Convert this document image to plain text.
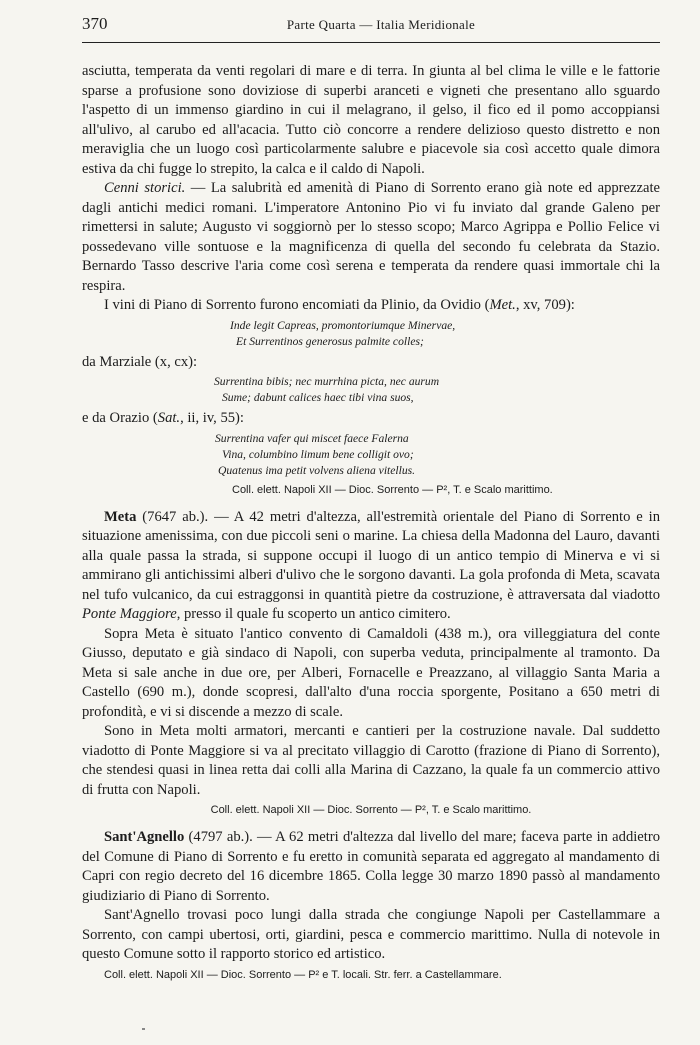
370	Parte Quarta — Italia Meridionale

asciutta, temperata da venti regolari di mare e di terra. In giunta al bel clima le ville e le fattorie sparse a profusione sono doviziose di superbi aranceti e vigneti che presentano allo sguardo l'aspetto di un immenso giardino in cui il melagrano, il gelso, il fico ed il pomo accoppiansi all'ulivo, al carubo ed all'acacia. Tutto ciò concorre a rendere delizioso questo distretto e non meraviglia che un luogo così particolarmente salubre e piacevole sia così accetto quale dimora estiva da chi fugge lo strepito, la calca e il caldo di Napoli.

Cenni storici. — La salubrità ed amenità di Piano di Sorrento erano già note ed apprezzate dagli antichi medici romani. L'imperatore Antonino Pio vi fu inviato dal grande Galeno per rimettersi in salute; Augusto vi soggiornò per lo stesso scopo; Marco Agrippa e Pollio Felice vi possedevano ville sontuose e la magnificenza di quella del secondo fu celebrata da Stazio. Bernardo Tasso descrive l'aria come così serena e temperata da rendere quasi immortale chi la respira.

I vini di Piano di Sorrento furono encomiati da Plinio, da Ovidio (Met., xv, 709):

Inde legit Capreas, promontoriumque Minervae,
Et Surrentinos generosus palmite colles;

da Marziale (x, cx):

Surrentina bibis; nec murrhina picta, nec aurum
Sume; dabunt calices haec tibi vina suos,

e da Orazio (Sat., ii, iv, 55):

Surrentina vafer qui miscet faece Falerna
Vina, columbino limum bene colligit ovo;
Quatenus ima petit volvens aliena vitellus.
Coll. elett. Napoli XII — Dioc. Sorrento — P², T. e Scalo marittimo.

Meta (7647 ab.). — A 42 metri d'altezza, all'estremità orientale del Piano di Sorrento e in situazione amenissima, con due piccoli seni o marine. La chiesa della Madonna del Lauro, davanti alla quale passa la strada, si suppone occupi il luogo di un antico tempio di Minerva e vi si ammirano gli antichissimi alberi d'ulivo che le sorgono davanti. La gola profonda di Meta, scavata nel tufo vulcanico, da cui estraggonsi in quantità pietre da costruzione, è attraversata dal viadotto Ponte Maggiore, presso il quale fu scoperto un antico cimitero.

Sopra Meta è situato l'antico convento di Camaldoli (438 m.), ora villeggiatura del conte Giusso, deputato e già sindaco di Napoli, con superba veduta, principalmente al tramonto. Da Meta si sale anche in due ore, per Alberi, Fornacelle e Preazzano, al villaggio Santa Maria a Castello (690 m.), donde scopresi, dall'alto d'una roccia sporgente, Positano a 650 metri di profondità, e vi si discende a mezzo di scale.

Sono in Meta molti armatori, mercanti e cantieri per la costruzione navale. Dal suddetto viadotto di Ponte Maggiore si va al precitato villaggio di Carotto (frazione di Piano di Sorrento), che stendesi quasi in linea retta dai colli alla Marina di Cazzano, la quale fa un commercio attivo di frutta con Napoli.

Coll. elett. Napoli XII — Dioc. Sorrento — P², T. e Scalo marittimo.

Sant'Agnello (4797 ab.). — A 62 metri d'altezza dal livello del mare; faceva parte in addietro del Comune di Piano di Sorrento e fu eretto in comunità separata ed aggregato al mandamento di Capri con regio decreto del 16 dicembre 1865. Colla legge 30 marzo 1890 passò al mandamento giudiziario di Piano di Sorrento.

Sant'Agnello trovasi poco lungi dalla strada che congiunge Napoli per Castellammare a Sorrento, con campi ubertosi, orti, giardini, pesca e commercio marittimo. Nulla di notevole in questo Comune sotto il rapporto storico ed artistico.

Coll. elett. Napoli XII — Dioc. Sorrento — P² e T. locali. Str. ferr. a Castellammare.
